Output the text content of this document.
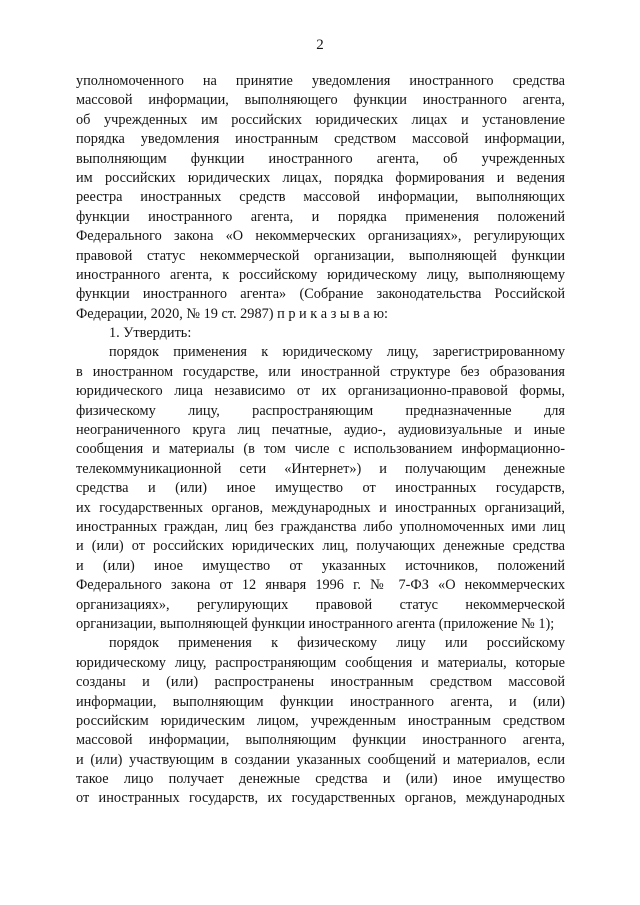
2
уполномоченного на принятие уведомления иностранного средства
массовой информации, выполняющего функции иностранного агента,
об учрежденных им российских юридических лицах и установление
порядка уведомления иностранным средством массовой информации,
выполняющим функции иностранного агента, об учрежденных
им российских юридических лицах, порядка формирования и ведения
реестра иностранных средств массовой информации, выполняющих
функции иностранного агента, и порядка применения положений
Федерального закона «О некоммерческих организациях», регулирующих
правовой статус некоммерческой организации, выполняющей функции
иностранного агента, к российскому юридическому лицу, выполняющему
функции иностранного агента» (Собрание законодательства Российской
Федерации, 2020, № 19 ст. 2987) п р и к а з ы в а ю:
1. Утвердить:
порядок применения к юридическому лицу, зарегистрированному
в иностранном государстве, или иностранной структуре без образования
юридического лица независимо от их организационно-правовой формы,
физическому лицу, распространяющим предназначенные для
неограниченного круга лиц печатные, аудио-, аудиовизуальные и иные
сообщения и материалы (в том числе с использованием информационно-
телекоммуникационной сети «Интернет») и получающим денежные
средства и (или) иное имущество от иностранных государств,
их государственных органов, международных и иностранных организаций,
иностранных граждан, лиц без гражданства либо уполномоченных ими лиц
и (или) от российских юридических лиц, получающих денежные средства
и (или) иное имущество от указанных источников, положений
Федерального закона от 12 января 1996 г. № 7-ФЗ «О некоммерческих
организациях», регулирующих правовой статус некоммерческой
организации, выполняющей функции иностранного агента (приложение № 1);
порядок применения к физическому лицу или российскому
юридическому лицу, распространяющим сообщения и материалы, которые
созданы и (или) распространены иностранным средством массовой
информации, выполняющим функции иностранного агента, и (или)
российским юридическим лицом, учрежденным иностранным средством
массовой информации, выполняющим функции иностранного агента,
и (или) участвующим в создании указанных сообщений и материалов, если
такое лицо получает денежные средства и (или) иное имущество
от иностранных государств, их государственных органов, международных
